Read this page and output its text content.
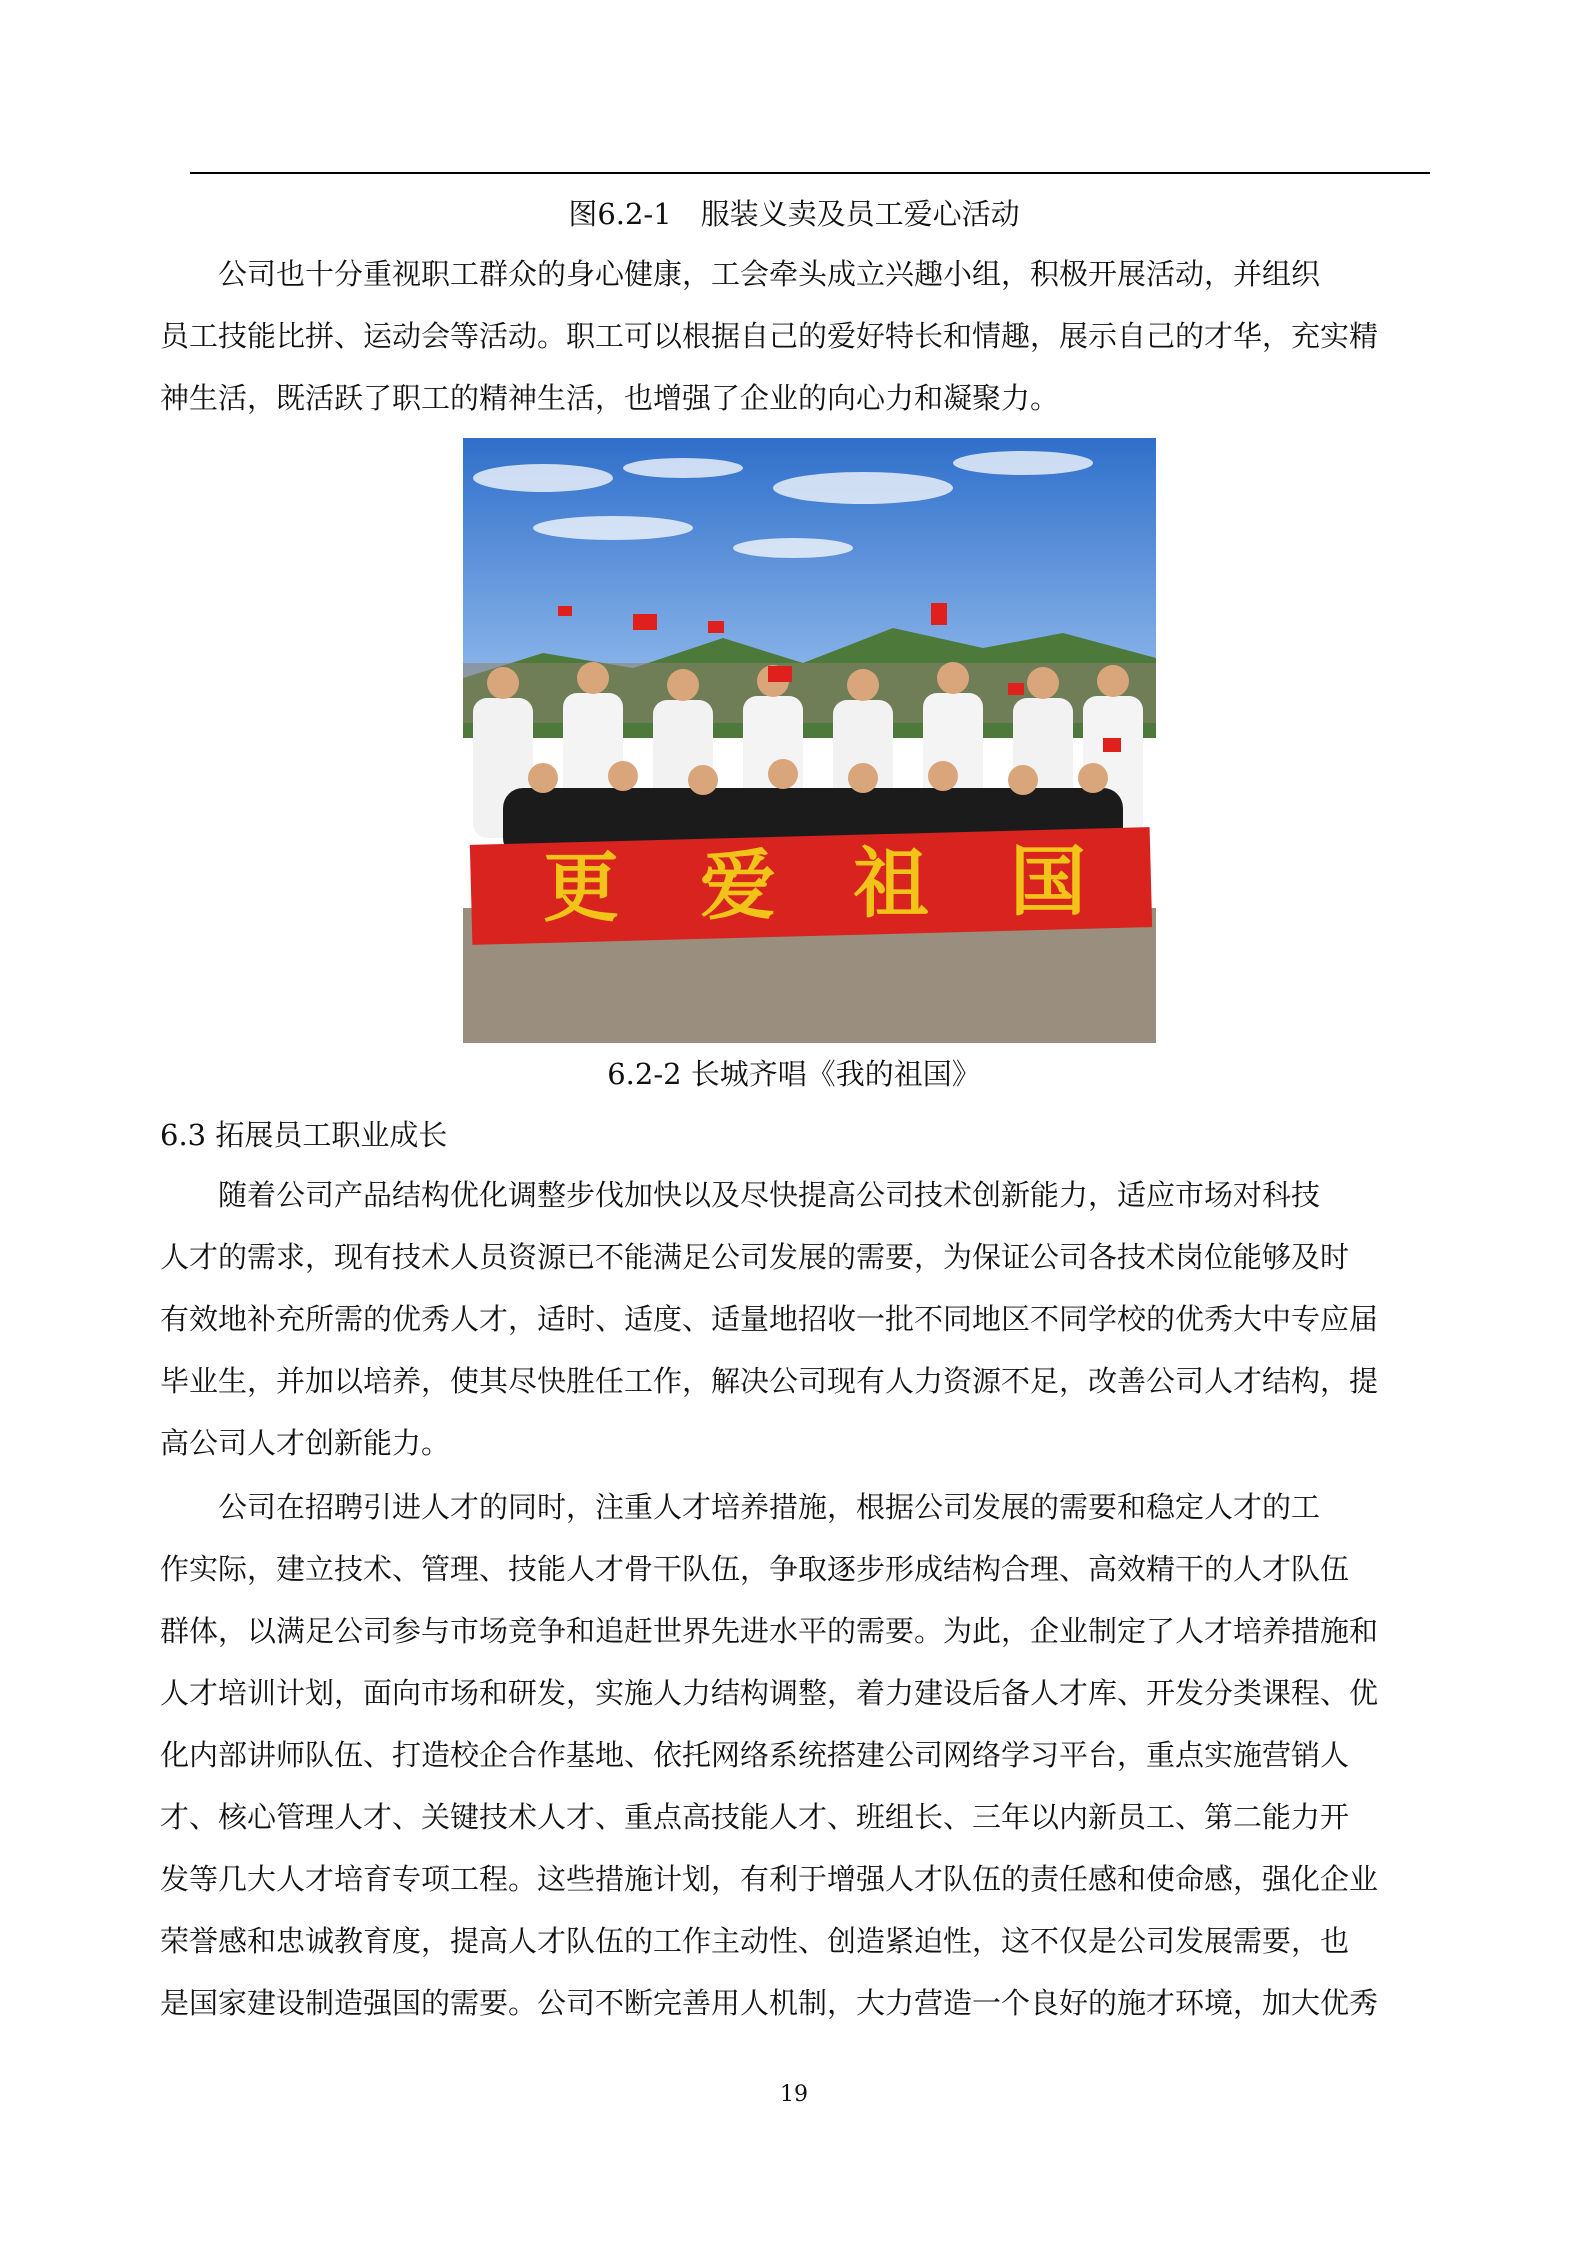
图6.2-1　服装义卖及员工爱心活动
　　公司也十分重视职工群众的身心健康，工会牵头成立兴趣小组，积极开展活动，并组织
员工技能比拼、运动会等活动。职工可以根据自己的爱好特长和情趣，展示自己的才华，充实精
神生活，既活跃了职工的精神生活，也增强了企业的向心力和凝聚力。
更 爱 祖 国
6.2-2 长城齐唱《我的祖国》
6.3 拓展员工职业成长
　　随着公司产品结构优化调整步伐加快以及尽快提高公司技术创新能力，适应市场对科技
人才的需求，现有技术人员资源已不能满足公司发展的需要，为保证公司各技术岗位能够及时
有效地补充所需的优秀人才，适时、适度、适量地招收一批不同地区不同学校的优秀大中专应届
毕业生，并加以培养，使其尽快胜任工作，解决公司现有人力资源不足，改善公司人才结构，提
高公司人才创新能力。
　　公司在招聘引进人才的同时，注重人才培养措施，根据公司发展的需要和稳定人才的工
作实际，建立技术、管理、技能人才骨干队伍，争取逐步形成结构合理、高效精干的人才队伍
群体，以满足公司参与市场竞争和追赶世界先进水平的需要。为此，企业制定了人才培养措施和
人才培训计划，面向市场和研发，实施人力结构调整，着力建设后备人才库、开发分类课程、优
化内部讲师队伍、打造校企合作基地、依托网络系统搭建公司网络学习平台，重点实施营销人
才、核心管理人才、关键技术人才、重点高技能人才、班组长、三年以内新员工、第二能力开
发等几大人才培育专项工程。这些措施计划，有利于增强人才队伍的责任感和使命感，强化企业
荣誉感和忠诚教育度，提高人才队伍的工作主动性、创造紧迫性，这不仅是公司发展需要，也
是国家建设制造强国的需要。公司不断完善用人机制，大力营造一个良好的施才环境，加大优秀
19
